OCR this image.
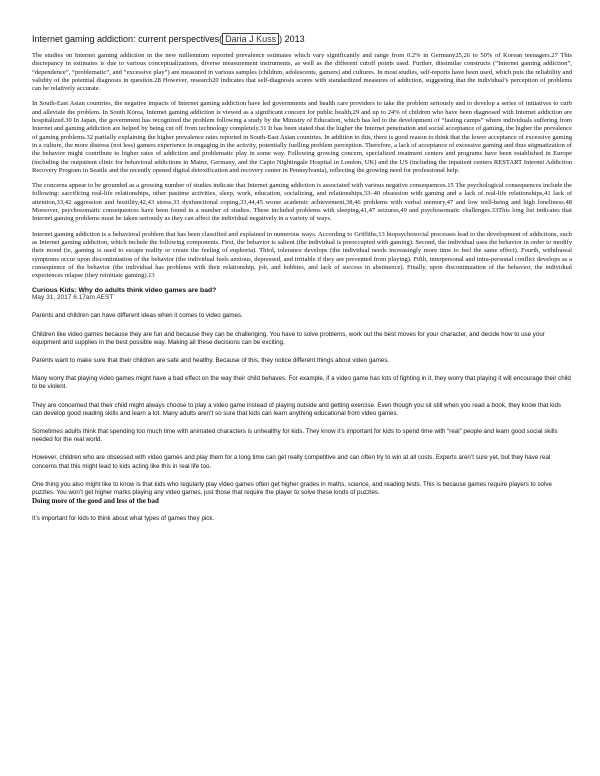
Internet gaming addiction: current perspectives( Daria J Kuss ) 2013

The studies on Internet gaming addiction in the new millennium reported prevalence estimates which vary significantly and range from 0.2% in Germany25,26 to 50% of Korean teenagers.27 This discrepancy in estimates is due to various conceptualizations, diverse measurement instruments, as well as the different cutoff points used. Further, dissimilar constructs (“Internet gaming addiction”, “dependence”, “problematic”, and “excessive play”) are measured in various samples (children, adolescents, gamers) and cultures. In most studies, self-reports have been used, which puts the reliability and validity of the potential diagnosis in question.28 However, research20 indicates that self-diagnosis scores with standardized measures of addiction, suggesting that the individual’s perception of problems can be relatively accurate.

In South-East Asian countries, the negative impacts of Internet gaming addiction have led governments and health care providers to take the problem seriously and to develop a series of initiatives to curb and alleviate the problem. In South Korea, Internet gaming addiction is viewed as a significant concern for public health,29 and up to 24% of children who have been diagnosed with Internet addiction are hospitalized.30 In Japan, the government has recognized the problem following a study by the Ministry of Education, which has led to the development of “fasting camps” where individuals suffering from Internet and gaming addiction are helped by being cut off from technology completely.31 It has been stated that the higher the Internet penetration and social acceptance of gaming, the higher the prevalence of gaming problems.32 partially explaining the higher prevalence rates reported in South-East Asian countries. In addition to this, there is good reason to think that the lower acceptance of excessive gaming in a culture, the more distress (not less) gamers experience in engaging in the activity, potentially fuelling problem perception. Therefore, a lack of acceptance of excessive gaming and thus stigmatization of the behavior might contribute to higher rates of addiction and problematic play in some way. Following growing concern, specialized treatment centers and programs have been established in Europe (including the outpatient clinic for behavioral addictions in Mainz, Germany, and the Capio Nightingale Hospital in London, UK) and the US (including the inpatient centers RESTART Internet Addiction Recovery Program in Seattle and the recently opened digital detoxification and recovery center in Pennsylvania), reflecting the growing need for professional help.

The concerns appear to be grounded as a growing number of studies indicate that Internet gaming addiction is associated with various negative consequences.15 The psychological consequences include the following: sacrificing real-life relationships, other pastime activities, sleep, work, education, socializing, and relationships,33–40 obsession with gaming and a lack of real-life relationships,41 lack of attention,33,42 aggression and hostility,42,43 stress,33 dysfunctional coping,33,44,45 worse academic achievement,38,46 problems with verbal memory,47 and low well-being and high loneliness.48 Moreover, psychosomatic consequences have been found in a number of studies. These included problems with sleeping,41,47 seizures,49 and psychosomatic challenges.33This long list indicates that Internet gaming problems must be taken seriously as they can affect the individual negatively in a variety of ways.

Internet gaming addiction is a behavioral problem that has been classified and explained in numerous ways. According to Griffiths,13 biopsychosocial processes lead to the development of addictions, such as Internet gaming addiction, which include the following components. First, the behavior is salient (the individual is preoccupied with gaming). Second, the individual uses the behavior in order to modify their mood (ie, gaming is used to escape reality or create the feeling of euphoria). Third, tolerance develops (the individual needs increasingly more time to feel the same effect). Fourth, withdrawal symptoms occur upon discontinuation of the behavior (the individual feels anxious, depressed, and irritable if they are prevented from playing). Fifth, interpersonal and intra-personal conflict develops as a consequence of the behavior (the individual has problems with their relationship, job, and hobbies, and lack of success in abstinence). Finally, upon discontinuation of the behavior, the individual experiences relapse (they reinitiate gaming).13

Curious Kids: Why do adults think video games are bad?

May 31, 2017 6.17am AEST

Parents and children can have different ideas when it comes to video games.

Children like video games because they are fun and because they can be challenging. You have to solve problems, work out the best moves for your character, and decide how to use your equipment and supplies in the best possible way. Making all these decisions can be exciting.

Parents want to make sure that their children are safe and healthy. Because of this, they notice different things about video games.

Many worry that playing video games might have a bad effect on the way their child behaves. For example, if a video game has lots of fighting in it, they worry that playing it will encourage their child to be violent.

They are concerned that their child might always choose to play a video game instead of playing outside and getting exercise. Even though you sit still when you read a book, they know that kids can develop good reading skills and learn a lot. Many adults aren’t so sure that kids can learn anything educational from video games.

Sometimes adults think that spending too much time with animated characters is unhealthy for kids. They know it’s important for kids to spend time with “real” people and learn good social skills needed for the real world.

However, children who are obsessed with video games and play them for a long time can get really competitive and can often try to win at all costs. Experts aren’t sure yet, but they have real concerns that this might lead to kids acting like this in real life too.

One thing you also might like to know is that kids who regularly play video games often get higher grades in maths, science, and reading tests. This is because games require players to solve puzzles. You won’t get higher marks playing any video games, just those that require the player to solve these kinds of puzzles.

Doing more of the good and less of the bad

It’s important for kids to think about what types of games they pick.
